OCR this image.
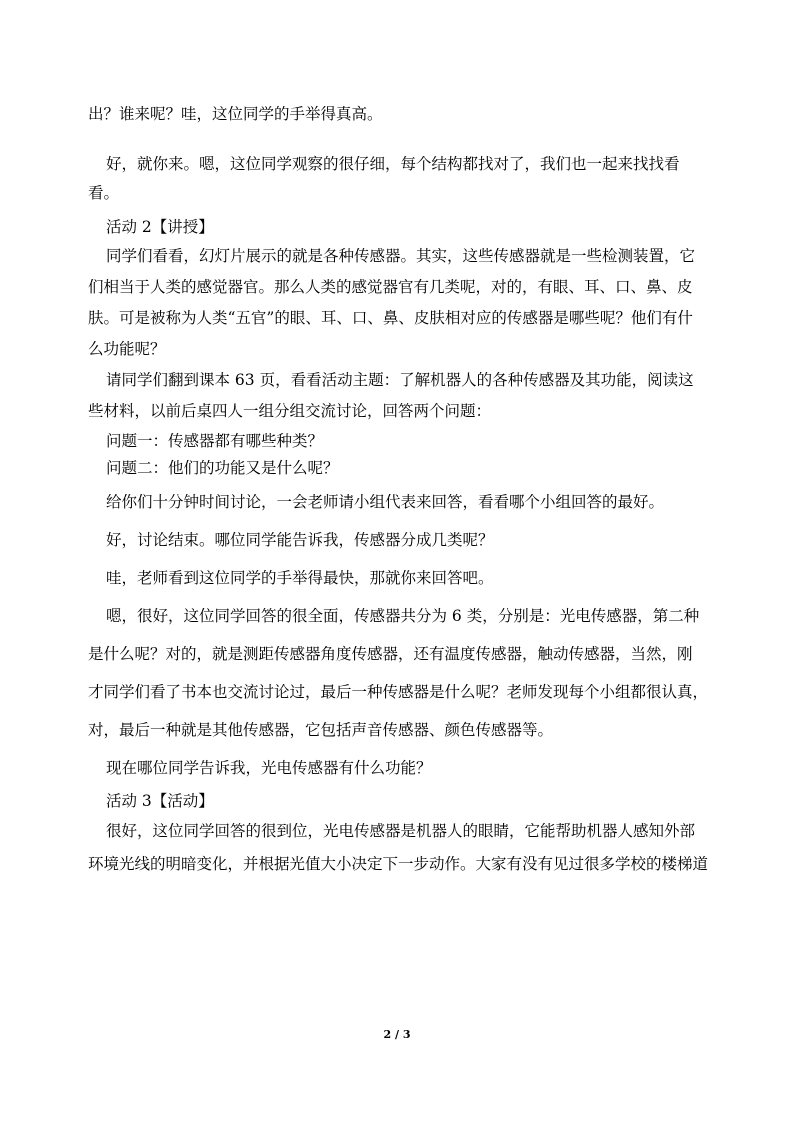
出？谁来呢？哇，这位同学的手举得真高。

好，就你来。嗯，这位同学观察的很仔细，每个结构都找对了，我们也一起来找找看

看。

活动 2【讲授】

同学们看看，幻灯片展示的就是各种传感器。其实，这些传感器就是一些检测装置，它

们相当于人类的感觉器官。那么人类的感觉器官有几类呢，对的，有眼、耳、口、鼻、皮

肤。可是被称为人类“五官”的眼、耳、口、鼻、皮肤相对应的传感器是哪些呢？他们有什

么功能呢？

请同学们翻到课本 63 页，看看活动主题：了解机器人的各种传感器及其功能，阅读这

些材料，以前后桌四人一组分组交流讨论，回答两个问题：

问题一：传感器都有哪些种类？

问题二：他们的功能又是什么呢？

给你们十分钟时间讨论，一会老师请小组代表来回答，看看哪个小组回答的最好。

好，讨论结束。哪位同学能告诉我，传感器分成几类呢？

哇，老师看到这位同学的手举得最快，那就你来回答吧。

嗯，很好，这位同学回答的很全面，传感器共分为 6 类，分别是：光电传感器，第二种

是什么呢？对的，就是测距传感器角度传感器，还有温度传感器，触动传感器，当然，刚

才同学们看了书本也交流讨论过，最后一种传感器是什么呢？老师发现每个小组都很认真，

对，最后一种就是其他传感器，它包括声音传感器、颜色传感器等。

现在哪位同学告诉我，光电传感器有什么功能？

活动 3【活动】

很好，这位同学回答的很到位，光电传感器是机器人的眼睛，它能帮助机器人感知外部

环境光线的明暗变化，并根据光值大小决定下一步动作。大家有没有见过很多学校的楼梯道

2 / 3
